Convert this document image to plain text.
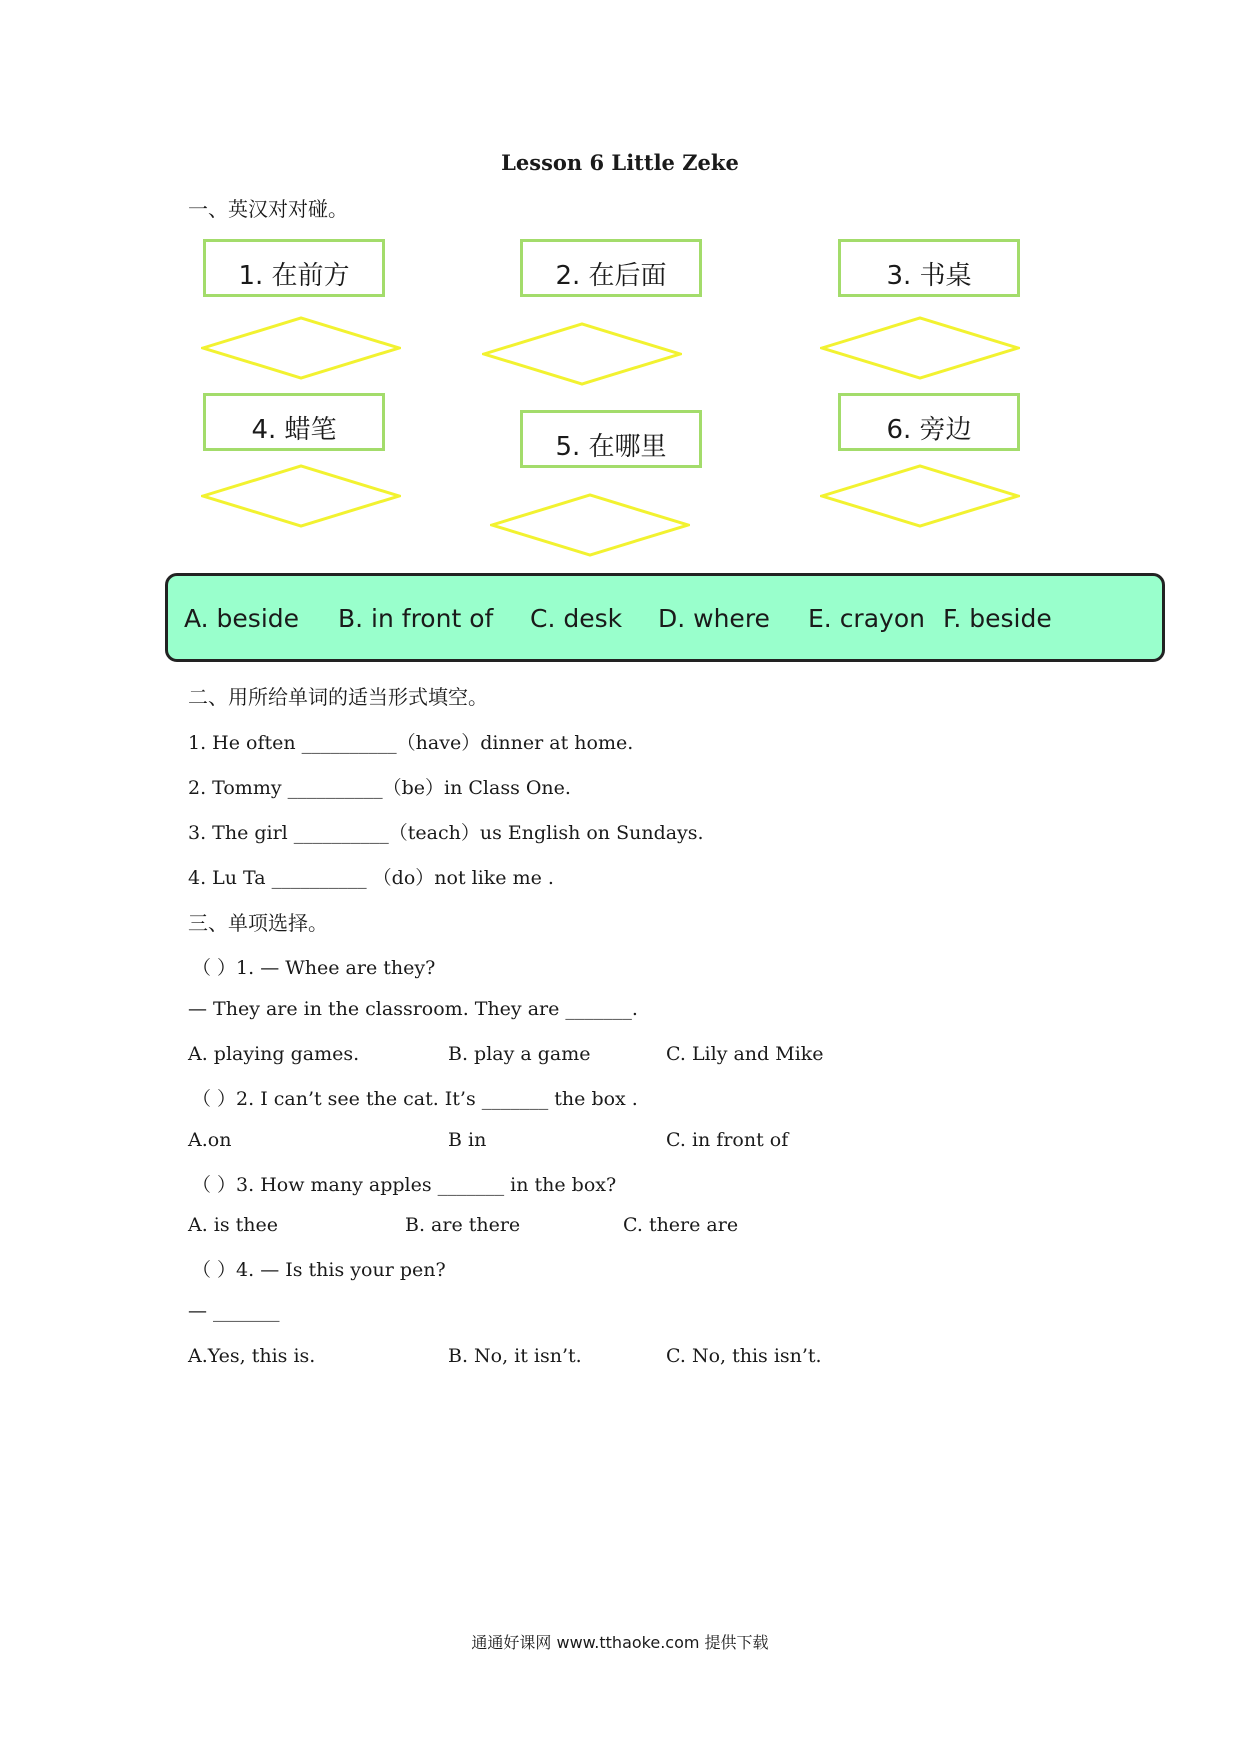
Lesson 6 Little Zeke
一、英汉对对碰。
1. 在前方	2. 在后面	3. 书桌
4. 蜡笔
5. 在哪里
6. 旁边
A. beside B. in front of C. desk D. where E. crayon F. beside
二、用所给单词的适当形式填空。
1. He often __________（have）dinner at home.
2. Tommy __________（be）in Class One.
3. The girl __________（teach）us English on Sundays.
4. Lu Ta __________ （do）not like me .
三、单项选择。
（ ）1. — Whee are they?
— They are in the classroom. They are _______.
A. playing games.	B. play a game	C. Lily and Mike
（ ）2. I can’t see the cat. It’s _______ the box .
A.on	B in	C. in front of
（ ）3. How many apples _______ in the box?
A. is thee	B. are there	C. there are
（ ）4. — Is this your pen?
— _______
A.Yes, this is.	B. No, it isn’t.	C. No, this isn’t.
通通好课网 www.tthaoke.com 提供下载
